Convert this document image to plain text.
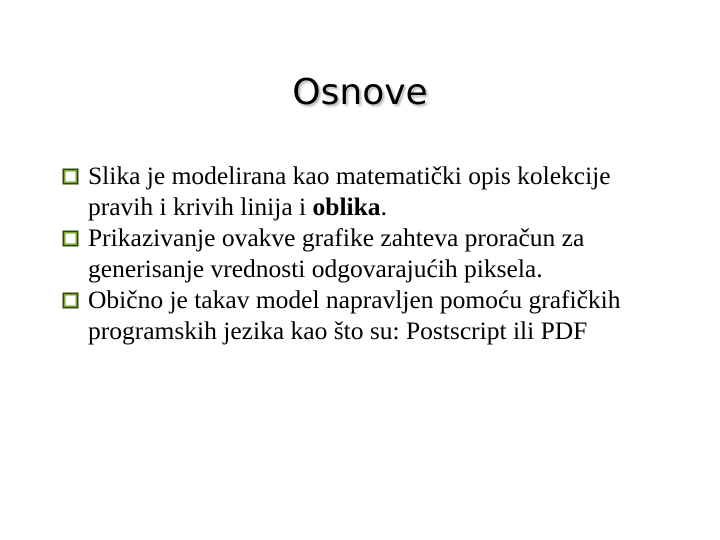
Osnove
Slika je modelirana kao matematički opis kolekcije pravih i krivih linija i oblika.
Prikazivanje ovakve grafike zahteva proračun za generisanje vrednosti odgovarajućih piksela.
Obično je takav model napravljen pomoću grafičkih programskih jezika kao što su: Postscript ili PDF
